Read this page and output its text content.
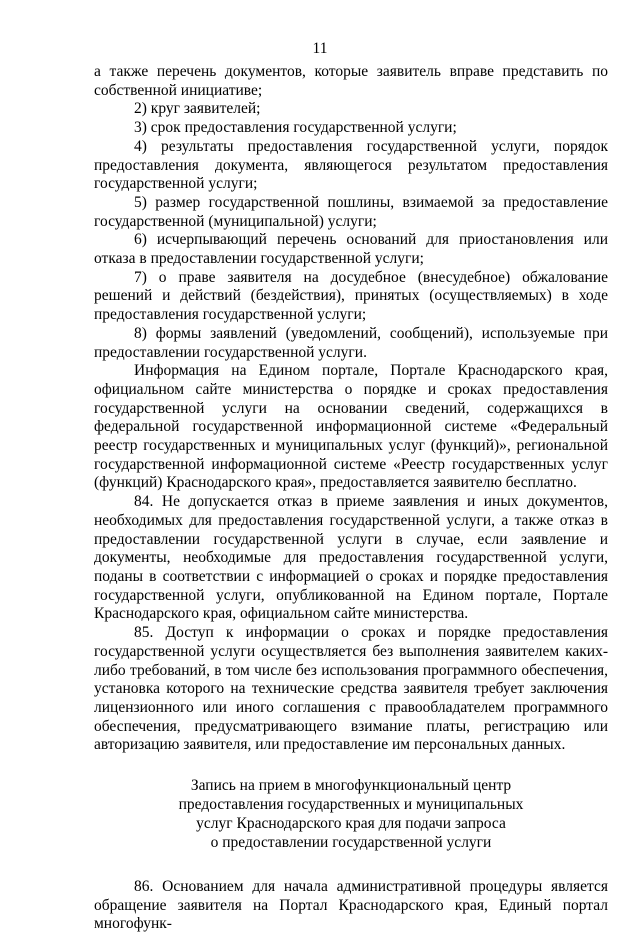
11

а также перечень документов, которые заявитель вправе представить по собственной инициативе;

2) круг заявителей;

3) срок предоставления государственной услуги;

4) результаты предоставления государственной услуги, порядок предоставления документа, являющегося результатом предоставления государственной услуги;

5) размер государственной пошлины, взимаемой за предоставление государственной (муниципальной) услуги;

6) исчерпывающий перечень оснований для приостановления или отказа в предоставлении государственной услуги;

7) о праве заявителя на досудебное (внесудебное) обжалование решений и действий (бездействия), принятых (осуществляемых) в ходе предоставления государственной услуги;

8) формы заявлений (уведомлений, сообщений), используемые при предоставлении государственной услуги.

Информация на Едином портале, Портале Краснодарского края, официальном сайте министерства о порядке и сроках предоставления государственной услуги на основании сведений, содержащихся в федеральной государственной информационной системе «Федеральный реестр государственных и муниципальных услуг (функций)», региональной государственной информационной системе «Реестр государственных услуг (функций) Краснодарского края», предоставляется заявителю бесплатно.

84. Не допускается отказ в приеме заявления и иных документов, необходимых для предоставления государственной услуги, а также отказ в предоставлении государственной услуги в случае, если заявление и документы, необходимые для предоставления государственной услуги, поданы в соответствии с информацией о сроках и порядке предоставления государственной услуги, опубликованной на Едином портале, Портале Краснодарского края, официальном сайте министерства.

85. Доступ к информации о сроках и порядке предоставления государственной услуги осуществляется без выполнения заявителем каких-либо требований, в том числе без использования программного обеспечения, установка которого на технические средства заявителя требует заключения лицензионного или иного соглашения с правообладателем программного обеспечения, предусматривающего взимание платы, регистрацию или авторизацию заявителя, или предоставление им персональных данных.

Запись на прием в многофункциональный центр
предоставления государственных и муниципальных
услуг Краснодарского края для подачи запроса
о предоставлении государственной услуги

86. Основанием для начала административной процедуры является обращение заявителя на Портал Краснодарского края, Единый портал многофунк-
